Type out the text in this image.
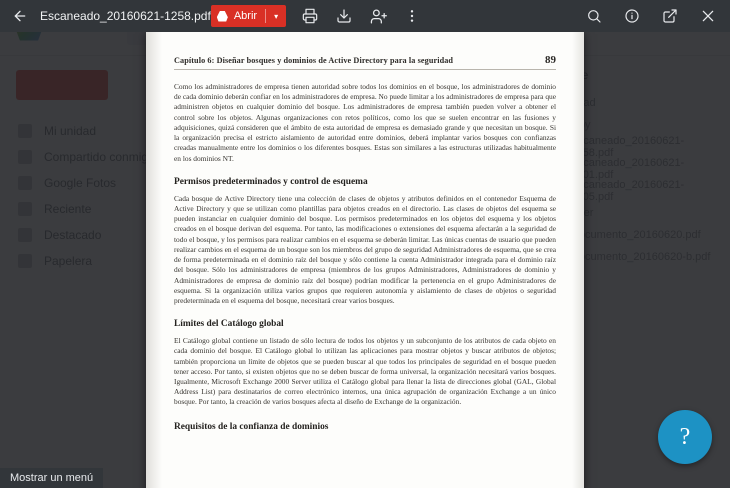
Escaneado_20160621-1258.pdf Abrir ▾
Capítulo 6: Diseñar bosques y dominios de Active Directory para la seguridad	89

Como los administradores de empresa tienen autoridad sobre todos los dominios en el bosque, los administradores de dominio de cada dominio deberán confiar en los administradores de empresa. No puede limitar a los administradores de empresa para que administren objetos en cualquier dominio del bosque. Los administradores de empresa también pueden volver a obtener el control sobre los objetos. Algunas organizaciones con retos políticos, como los que se suelen encontrar en las fusiones y adquisiciones, quizá consideren que el ámbito de esta autoridad de empresa es demasiado grande y que necesitan un bosque. Si la organización precisa el estricto aislamiento de autoridad entre dominios, deberá implantar varios bosques con confianzas creadas manualmente entre los dominios o los diferentes bosques. Estas son similares a las estructuras utilizadas habitualmente en los dominios NT.

Permisos predeterminados y control de esquema

Cada bosque de Active Directory tiene una colección de clases de objetos y atributos definidos en el contenedor Esquema de Active Directory y que se utilizan como plantillas para objetos creados en el directorio. Las clases de objetos del esquema se pueden instanciar en cualquier dominio del bosque. Los permisos predeterminados en los objetos del esquema y los objetos creados en el bosque derivan del esquema. Por tanto, las modificaciones o extensiones del esquema afectarán a la seguridad de todo el bosque, y los permisos para realizar cambios en el esquema se deberán limitar. Las únicas cuentas de usuario que pueden realizar cambios en el esquema de un bosque son los miembros del grupo de seguridad Administradores de esquema, que se crea de forma predeterminada en el dominio raíz del bosque y sólo contiene la cuenta Administrador integrada para el dominio raíz del bosque. Sólo los administradores de empresa (miembros de los grupos Administradores, Administradores de dominio y Administradores de empresa de dominio raíz del bosque) podrían modificar la pertenencia en el grupo Administradores de esquema. Si la organización utiliza varios grupos que requieren autonomía y aislamiento de clases de objetos o seguridad predeterminada en el esquema del bosque, necesitará crear varios bosques.

Límites del Catálogo global

El Catálogo global contiene un listado de sólo lectura de todos los objetos y un subconjunto de los atributos de cada objeto en cada dominio del bosque. El Catálogo global lo utilizan las aplicaciones para mostrar objetos y buscar atributos de objetos; también proporciona un límite de objetos que se pueden buscar al que todos los principales de seguridad en el bosque pueden tener acceso. Por tanto, si existen objetos que no se deben buscar de forma universal, la organización necesitará varios bosques. Igualmente, Microsoft Exchange 2000 Server utiliza el Catálogo global para llenar la lista de direcciones global (GAL, Global Address List) para destinatarios de correo electrónico internos, una única agrupación de organización Exchange a un único bosque. Por tanto, la creación de varios bosques afecta al diseño de Exchange de la organización.

Requisitos de la confianza de dominios	?
Mostrar un menú
